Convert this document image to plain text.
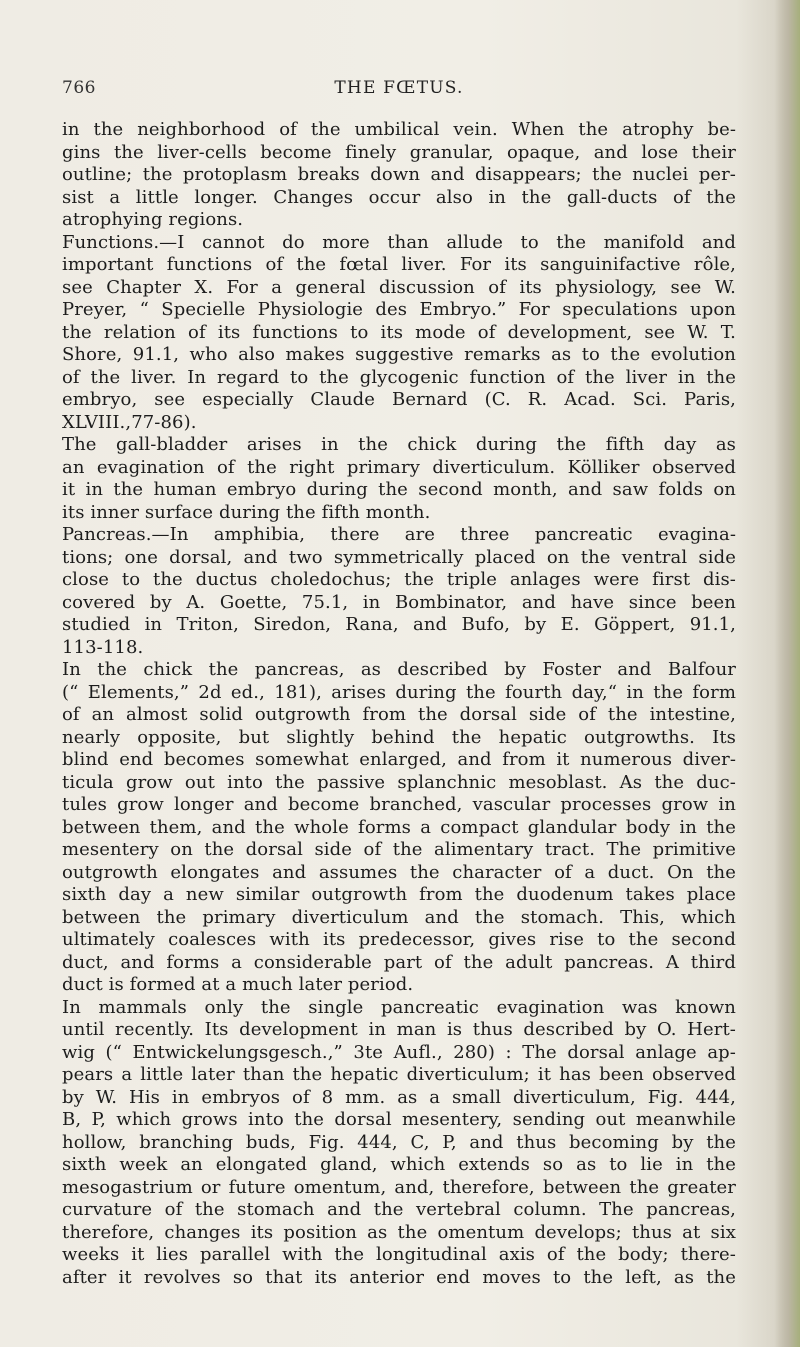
766	THE FŒTUS.
in the neighborhood of the umbilical vein. When the atrophy be-
gins the liver-cells become finely granular, opaque, and lose their
outline; the protoplasm breaks down and disappears; the nuclei per-
sist a little longer. Changes occur also in the gall-ducts of the
atrophying regions.
Functions.—I cannot do more than allude to the manifold and
important functions of the fœtal liver. For its sanguinifactive rôle,
see Chapter X. For a general discussion of its physiology, see W.
Preyer, “ Specielle Physiologie des Embryo.” For speculations upon
the relation of its functions to its mode of development, see W. T.
Shore, 91.1, who also makes suggestive remarks as to the evolution
of the liver. In regard to the glycogenic function of the liver in the
embryo, see especially Claude Bernard (C. R. Acad. Sci. Paris,
XLVIII.,77-86).
The gall-bladder arises in the chick during the fifth day as
an evagination of the right primary diverticulum. Kölliker observed
it in the human embryo during the second month, and saw folds on
its inner surface during the fifth month.
Pancreas.—In amphibia, there are three pancreatic evagina-
tions; one dorsal, and two symmetrically placed on the ventral side
close to the ductus choledochus; the triple anlages were first dis-
covered by A. Goette, 75.1, in Bombinator, and have since been
studied in Triton, Siredon, Rana, and Bufo, by E. Göppert, 91.1,
113-118.
In the chick the pancreas, as described by Foster and Balfour
(“ Elements,” 2d ed., 181), arises during the fourth day,“ in the form
of an almost solid outgrowth from the dorsal side of the intestine,
nearly opposite, but slightly behind the hepatic outgrowths. Its
blind end becomes somewhat enlarged, and from it numerous diver-
ticula grow out into the passive splanchnic mesoblast. As the duc-
tules grow longer and become branched, vascular processes grow in
between them, and the whole forms a compact glandular body in the
mesentery on the dorsal side of the alimentary tract. The primitive
outgrowth elongates and assumes the character of a duct. On the
sixth day a new similar outgrowth from the duodenum takes place
between the primary diverticulum and the stomach. This, which
ultimately coalesces with its predecessor, gives rise to the second
duct, and forms a considerable part of the adult pancreas. A third
duct is formed at a much later period.
In mammals only the single pancreatic evagination was known
until recently. Its development in man is thus described by O. Hert-
wig (“ Entwickelungsgesch.,” 3te Aufl., 280) : The dorsal anlage ap-
pears a little later than the hepatic diverticulum; it has been observed
by W. His in embryos of 8 mm. as a small diverticulum, Fig. 444,
B, P, which grows into the dorsal mesentery, sending out meanwhile
hollow, branching buds, Fig. 444, C, P, and thus becoming by the
sixth week an elongated gland, which extends so as to lie in the
mesogastrium or future omentum, and, therefore, between the greater
curvature of the stomach and the vertebral column. The pancreas,
therefore, changes its position as the omentum develops; thus at six
weeks it lies parallel with the longitudinal axis of the body; there-
after it revolves so that its anterior end moves to the left, as the
